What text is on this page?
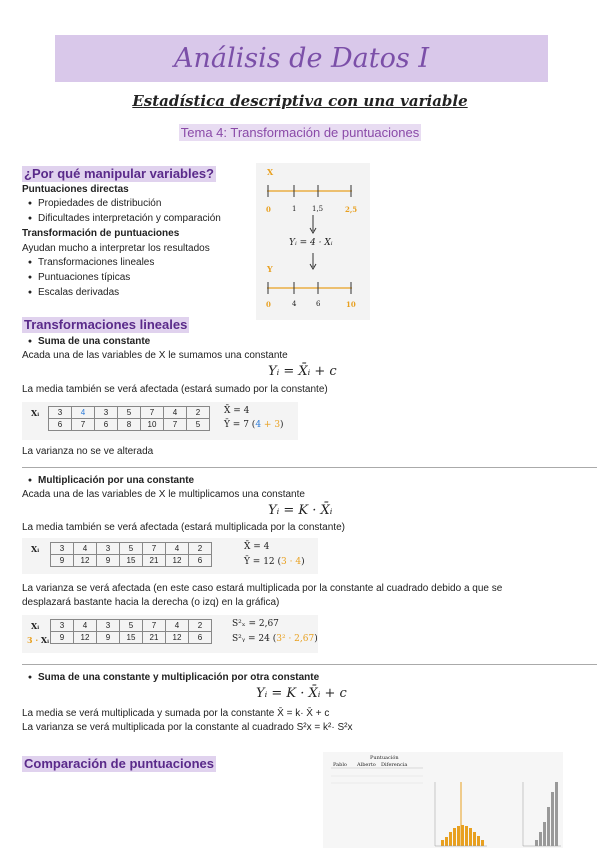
Análisis de Datos I
Estadística descriptiva con una variable
Tema 4: Transformación de puntuaciones
¿Por qué manipular variables?
Puntuaciones directas
● Propiedades de distribución
● Dificultades interpretación y comparación
Transformación de puntuaciones
Ayudan mucho a interpretar los resultados
● Transformaciones lineales
● Puntuaciones típicas
● Escalas derivadas
X
0	1 1,5	2,5
Yᵢ = 4 · Xᵢ
Y
0	4	6	10
Transformaciones lineales
● Suma de una constante
Acada una de las variables de X le sumamos una constante
Yᵢ = X̄ᵢ + c
La media también se verá afectada (estará sumado por la constante)
Xᵢ 3	4	3	5	7	4	2
6	7	6	8	10	7	5
X̄ = 4
Ȳ = 7 (4 + 3)
La varianza no se ve alterada
● Multiplicación por una constante
Acada una de las variables de X le multiplicamos una constante
Yᵢ = K · X̄ᵢ
La media también se verá afectada (estará multiplicada por la constante)
Xᵢ	3	4	3	5	7	4	2
9	12	9	15	21	12	6
X̄ = 4
Ȳ = 12 (3 · 4)
La varianza se verá afectada (en este caso estará multiplicada por la constante al cuadrado debido a que se
desplazará bastante hacia la derecha (o izq) en la gráfica)
Xᵢ
3 · Xᵢ
3	4	3	5	7	4	2
9	12	9	15	21	12	6
S²ₓ = 2,67
S²ᵧ = 24 (3² · 2,67)
● Suma de una constante y multiplicación por otra constante
Yᵢ = K · X̄ᵢ + c
La media se verá multiplicada y sumada por la constante X̄ = k· X̄ + c
La varianza se verá multiplicada por la constante al cuadrado S²x = k²· S²x
Comparación de puntuaciones	Puntuación
Pablo Alberto Diferencia
